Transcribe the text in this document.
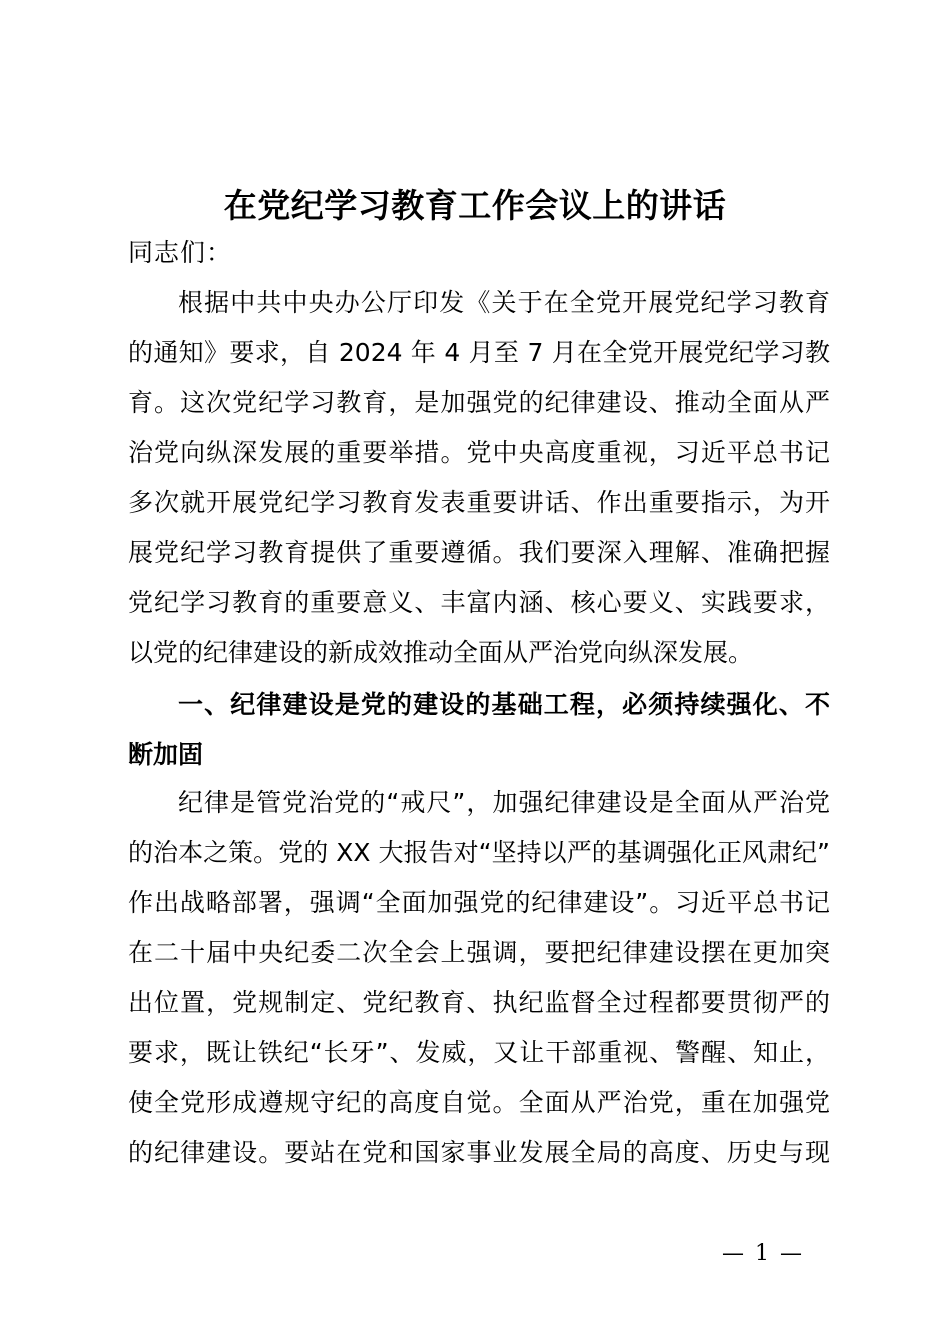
在党纪学习教育工作会议上的讲话
同志们：
根据中共中央办公厅印发《关于在全党开展党纪学习教育
的通知》要求，自 2024 年 4 月至 7 月在全党开展党纪学习教
育。这次党纪学习教育，是加强党的纪律建设、推动全面从严
治党向纵深发展的重要举措。党中央高度重视，习近平总书记
多次就开展党纪学习教育发表重要讲话、作出重要指示，为开
展党纪学习教育提供了重要遵循。我们要深入理解、准确把握
党纪学习教育的重要意义、丰富内涵、核心要义、实践要求，
以党的纪律建设的新成效推动全面从严治党向纵深发展。
一、纪律建设是党的建设的基础工程，必须持续强化、不
断加固
纪律是管党治党的“戒尺”，加强纪律建设是全面从严治党
的治本之策。党的 XX 大报告对“坚持以严的基调强化正风肃纪”
作出战略部署，强调“全面加强党的纪律建设”。习近平总书记
在二十届中央纪委二次全会上强调，要把纪律建设摆在更加突
出位置，党规制定、党纪教育、执纪监督全过程都要贯彻严的
要求，既让铁纪“长牙”、发威，又让干部重视、警醒、知止，
使全党形成遵规守纪的高度自觉。全面从严治党，重在加强党
的纪律建设。要站在党和国家事业发展全局的高度、历史与现
— 1 —
